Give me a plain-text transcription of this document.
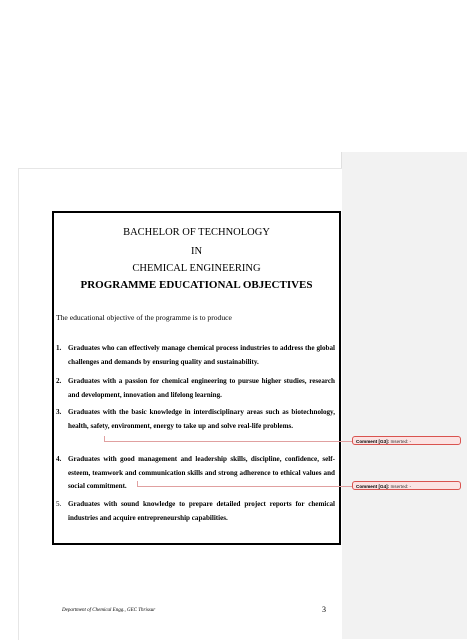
BACHELOR OF TECHNOLOGY
IN
CHEMICAL ENGINEERING
PROGRAMME EDUCATIONAL OBJECTIVES
The educational objective of the programme is to produce
1. Graduates who can effectively manage chemical process industries to address the global challenges and demands by ensuring quality and sustainability.
2. Graduates with a passion for chemical engineering to pursue higher studies, research and development, innovation and lifelong learning.
3. Graduates with the basic knowledge in interdisciplinary areas such as biotechnology, health, safety, environment, energy to take up and solve real-life problems.
4. Graduates with good management and leadership skills, discipline, confidence, self-esteem, teamwork and communication skills and strong adherence to ethical values and social commitment.
5. Graduates with sound knowledge to prepare detailed project reports for chemical industries and acquire entrepreneurship capabilities.
Comment [G3]: Inserted: -
Comment [G4]: Inserted: -
Department of Chemical Engg., GEC Thrissur	3
